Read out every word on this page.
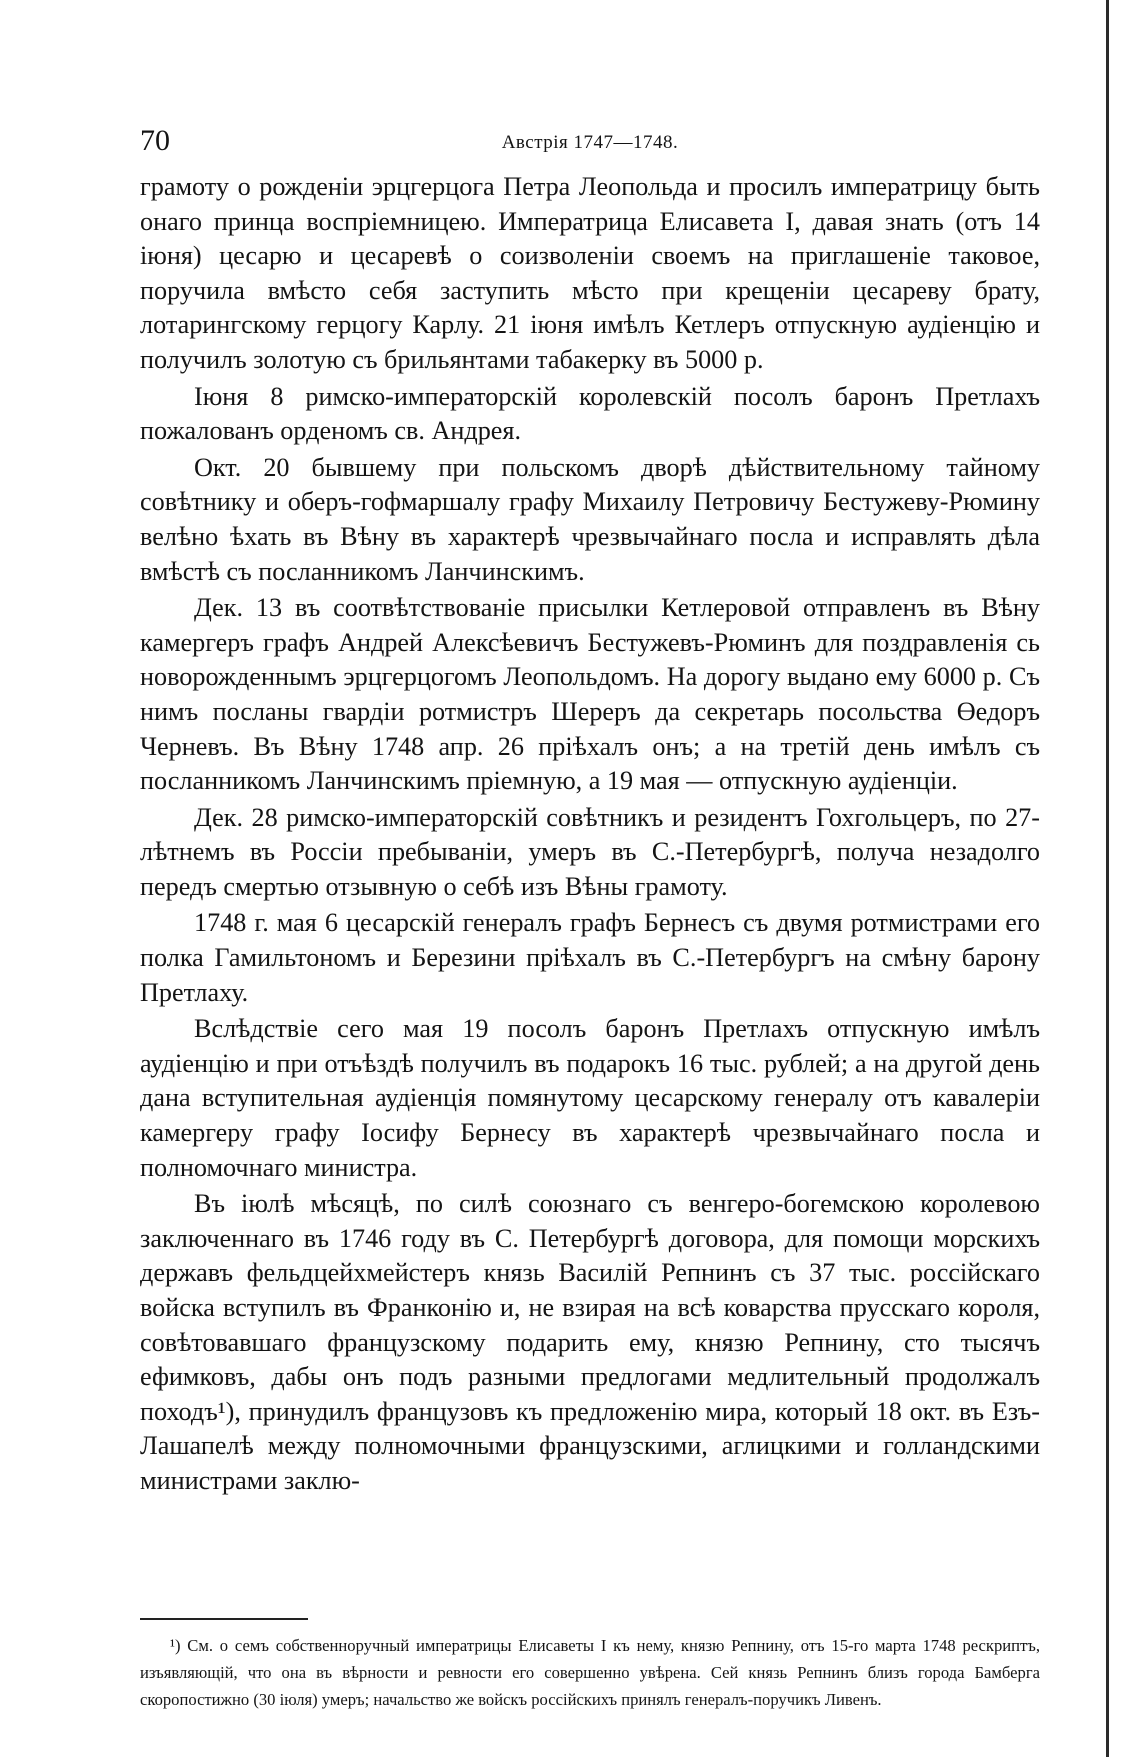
70	Австрія 1747—1748.

грамоту о рожденіи эрцгерцога Петра Леопольда и просилъ императрицу быть онаго принца воспріемницею. Императрица Елисавета I, давая знать (отъ 14 іюня) цесарю и цесаревѣ о соизволеніи своемъ на приглашеніе таковое, поручила вмѣсто себя заступить мѣсто при крещеніи цесареву брату, лотарингскому герцогу Карлу. 21 іюня имѣлъ Кетлеръ отпускную аудіенцію и получилъ золотую съ брильянтами табакерку въ 5000 р.

Іюня 8 римско-императорскій королевскій посолъ баронъ Претлахъ пожалованъ орденомъ св. Андрея.

Окт. 20 бывшему при польскомъ дворѣ дѣйствительному тайному совѣтнику и оберъ-гофмаршалу графу Михаилу Петровичу Бестужеву-Рюмину велѣно ѣхать въ Вѣну въ характерѣ чрезвычайнаго посла и исправлять дѣла вмѣстѣ съ посланникомъ Ланчинскимъ.

Дек. 13 въ соотвѣтствованіе присылки Кетлеровой отправленъ въ Вѣну камергеръ графъ Андрей Алексѣевичъ Бестужевъ-Рюминъ для поздравленія сь новорожденнымъ эрцгерцогомъ Леопольдомъ. На дорогу выдано ему 6000 р. Съ нимъ посланы гвардіи ротмистръ Шереръ да секретарь посольства Өедоръ Черневъ. Въ Вѣну 1748 апр. 26 пріѣхалъ онъ; а на третій день имѣлъ съ посланникомъ Ланчинскимъ пріемную, а 19 мая — отпускную аудіенціи.

Дек. 28 римско-императорскій совѣтникъ и резидентъ Гохгольцеръ, по 27-лѣтнемъ въ Россіи пребываніи, умеръ въ С.-Петербургѣ, получа незадолго передъ смертью отзывную о себѣ изъ Вѣны грамоту.

1748 г. мая 6 цесарскій генералъ графъ Бернесъ съ двумя ротмистрами его полка Гамильтономъ и Березини пріѣхалъ въ С.-Петербургъ на смѣну барону Претлаху.

Вслѣдствіе сего мая 19 посолъ баронъ Претлахъ отпускную имѣлъ аудіенцію и при отъѣздѣ получилъ въ подарокъ 16 тыс. рублей; а на другой день дана вступительная аудіенція помянутому цесарскому генералу отъ кавалеріи камергеру графу Іосифу Бернесу въ характерѣ чрезвычайнаго посла и полномочнаго министра.

Въ іюлѣ мѣсяцѣ, по силѣ союзнаго съ венгеро-богемскою королевою заключеннаго въ 1746 году въ С. Петербургѣ договора, для помощи морскихъ державъ фельдцейхмейстеръ князь Василій Репнинъ съ 37 тыс. россійскаго войска вступилъ въ Франконію и, не взирая на всѣ коварства прусскаго короля, совѣтовавшаго французскому подарить ему, князю Репнину, сто тысячъ ефимковъ, дабы онъ подъ разными предлогами медлительный продолжалъ походъ¹), принудилъ французовъ къ предложенію мира, который 18 окт. въ Езъ-Лашапелѣ между полномочными французскими, аглицкими и голландскими министрами заклю-

¹) См. о семъ собственноручный императрицы Елисаветы I къ нему, князю Репнину, отъ 15-го марта 1748 рескриптъ, изъявляющій, что она въ вѣрности и ревности его совершенно увѣрена. Сей князь Репнинъ близъ города Бамберга скоропостижно (30 іюля) умеръ; начальство же войскъ россійскихъ принялъ генералъ-поручикъ Ливенъ.
